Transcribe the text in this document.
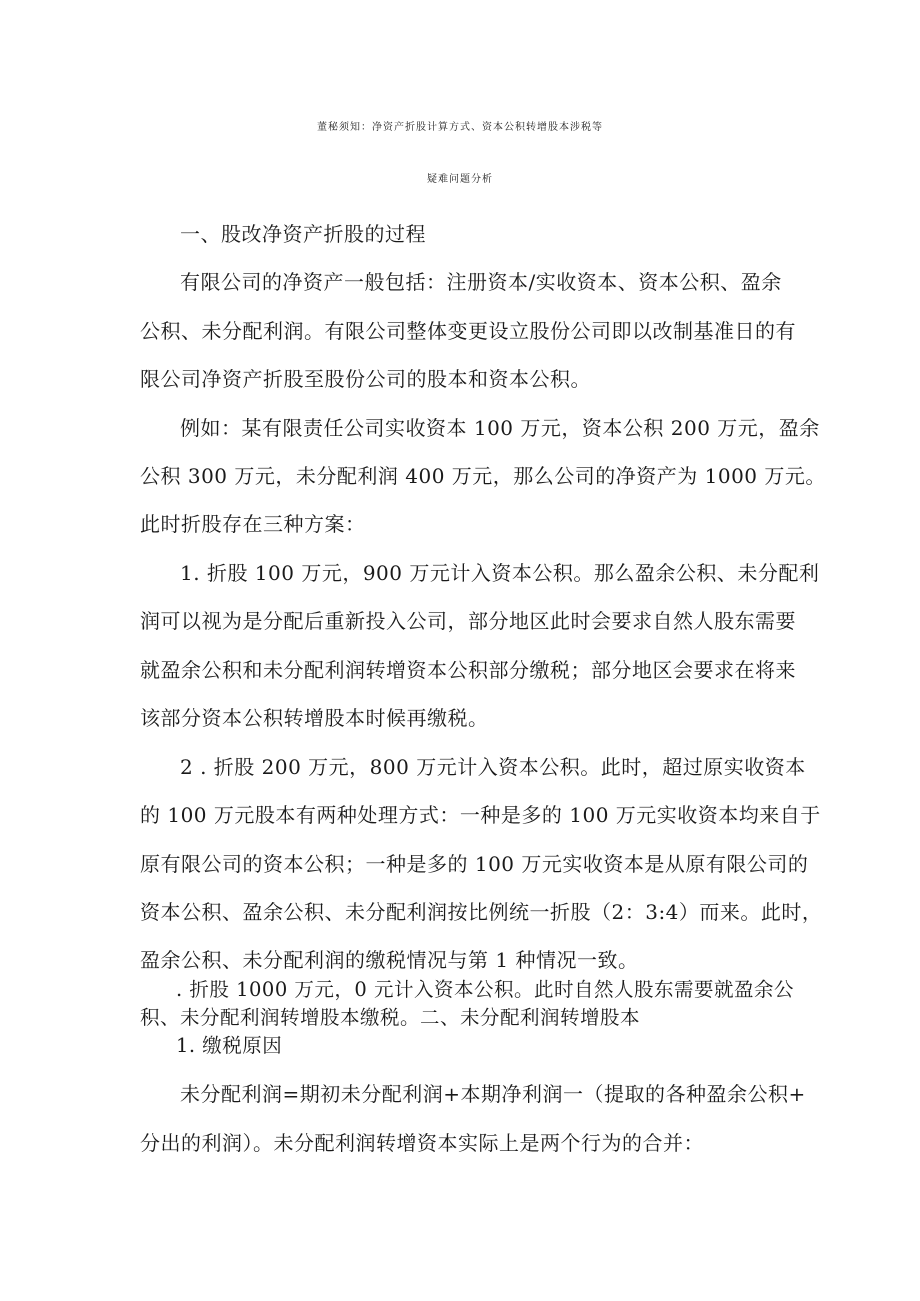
董秘须知：净资产折股计算方式、资本公积转增股本涉税等
疑难问题分析
一、股改净资产折股的过程
有限公司的净资产一般包括：注册资本/实收资本、资本公积、盈余
公积、未分配利润。有限公司整体变更设立股份公司即以改制基准日的有
限公司净资产折股至股份公司的股本和资本公积。
例如：某有限责任公司实收资本 100 万元，资本公积 200 万元，盈余
公积 300 万元，未分配利润 400 万元，那么公司的净资产为 1000 万元。
此时折股存在三种方案：
1. 折股 100 万元，900 万元计入资本公积。那么盈余公积、未分配利
润可以视为是分配后重新投入公司，部分地区此时会要求自然人股东需要
就盈余公积和未分配利润转增资本公积部分缴税；部分地区会要求在将来
该部分资本公积转增股本时候再缴税。
2 . 折股 200 万元，800 万元计入资本公积。此时，超过原实收资本
的 100 万元股本有两种处理方式：一种是多的 100 万元实收资本均来自于
原有限公司的资本公积；一种是多的 100 万元实收资本是从原有限公司的
资本公积、盈余公积、未分配利润按比例统一折股（2：3:4）而来。此时，
盈余公积、未分配利润的缴税情况与第 1 种情况一致。
. 折股 1000 万元，0 元计入资本公积。此时自然人股东需要就盈余公
积、未分配利润转增股本缴税。二、未分配利润转增股本
1. 缴税原因
未分配利润=期初未分配利润+本期净利润一（提取的各种盈余公积+
分出的利润）。未分配利润转增资本实际上是两个行为的合并：
